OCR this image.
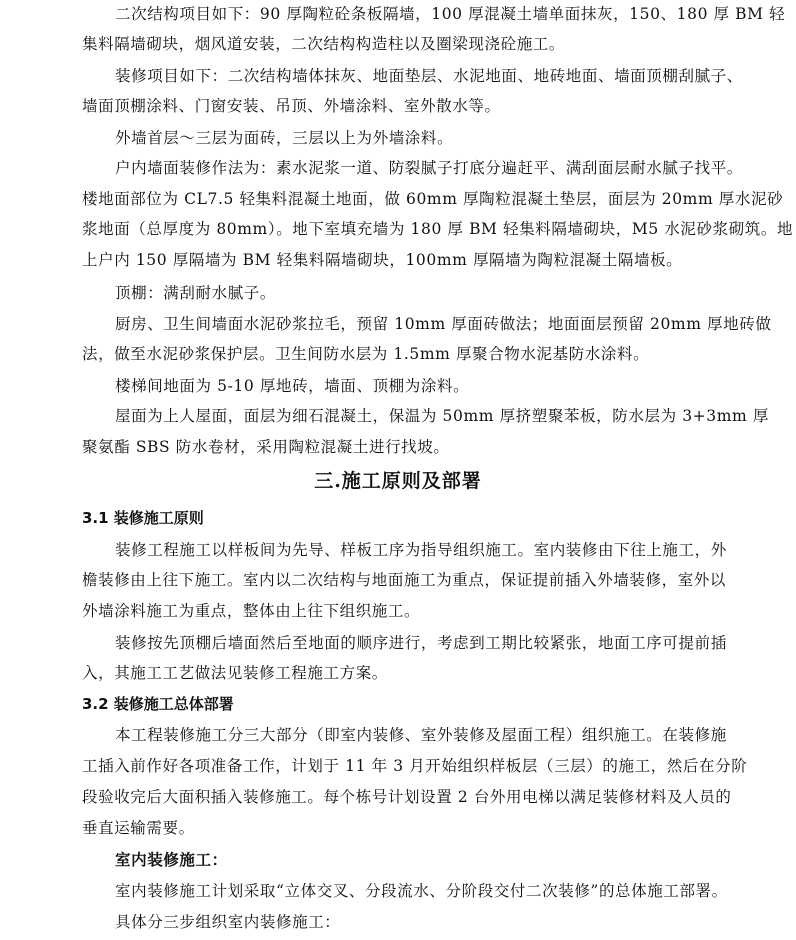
二次结构项目如下：90 厚陶粒砼条板隔墙，100 厚混凝土墙单面抹灰，150、180 厚 BM 轻
集料隔墙砌块，烟风道安装，二次结构构造柱以及圈梁现浇砼施工。
装修项目如下：二次结构墙体抹灰、地面垫层、水泥地面、地砖地面、墙面顶棚刮腻子、
墙面顶棚涂料、门窗安装、吊顶、外墙涂料、室外散水等。
外墙首层～三层为面砖，三层以上为外墙涂料。
户内墙面装修作法为：素水泥浆一道、防裂腻子打底分遍赶平、满刮面层耐水腻子找平。
楼地面部位为 CL7.5 轻集料混凝土地面，做 60mm 厚陶粒混凝土垫层，面层为 20mm 厚水泥砂
浆地面（总厚度为 80mm）。地下室填充墙为 180 厚 BM 轻集料隔墙砌块，M5 水泥砂浆砌筑。地
上户内 150 厚隔墙为 BM 轻集料隔墙砌块，100mm 厚隔墙为陶粒混凝土隔墙板。
顶棚：满刮耐水腻子。
厨房、卫生间墙面水泥砂浆拉毛，预留 10mm 厚面砖做法；地面面层预留 20mm 厚地砖做
法，做至水泥砂浆保护层。卫生间防水层为 1.5mm 厚聚合物水泥基防水涂料。
楼梯间地面为 5-10 厚地砖，墙面、顶棚为涂料。
屋面为上人屋面，面层为细石混凝土，保温为 50mm 厚挤塑聚苯板，防水层为 3+3mm 厚
聚氨酯 SBS 防水卷材，采用陶粒混凝土进行找坡。
三.施工原则及部署
3.1 装修施工原则
装修工程施工以样板间为先导、样板工序为指导组织施工。室内装修由下往上施工，外
檐装修由上往下施工。室内以二次结构与地面施工为重点，保证提前插入外墙装修，室外以
外墙涂料施工为重点，整体由上往下组织施工。
装修按先顶棚后墙面然后至地面的顺序进行，考虑到工期比较紧张，地面工序可提前插
入，其施工工艺做法见装修工程施工方案。
3.2 装修施工总体部署
本工程装修施工分三大部分（即室内装修、室外装修及屋面工程）组织施工。在装修施
工插入前作好各项准备工作，计划于 11 年 3 月开始组织样板层（三层）的施工，然后在分阶
段验收完后大面积插入装修施工。每个栋号计划设置 2 台外用电梯以满足装修材料及人员的
垂直运输需要。
室内装修施工：
室内装修施工计划采取“立体交叉、分段流水、分阶段交付二次装修”的总体施工部署。
具体分三步组织室内装修施工：
